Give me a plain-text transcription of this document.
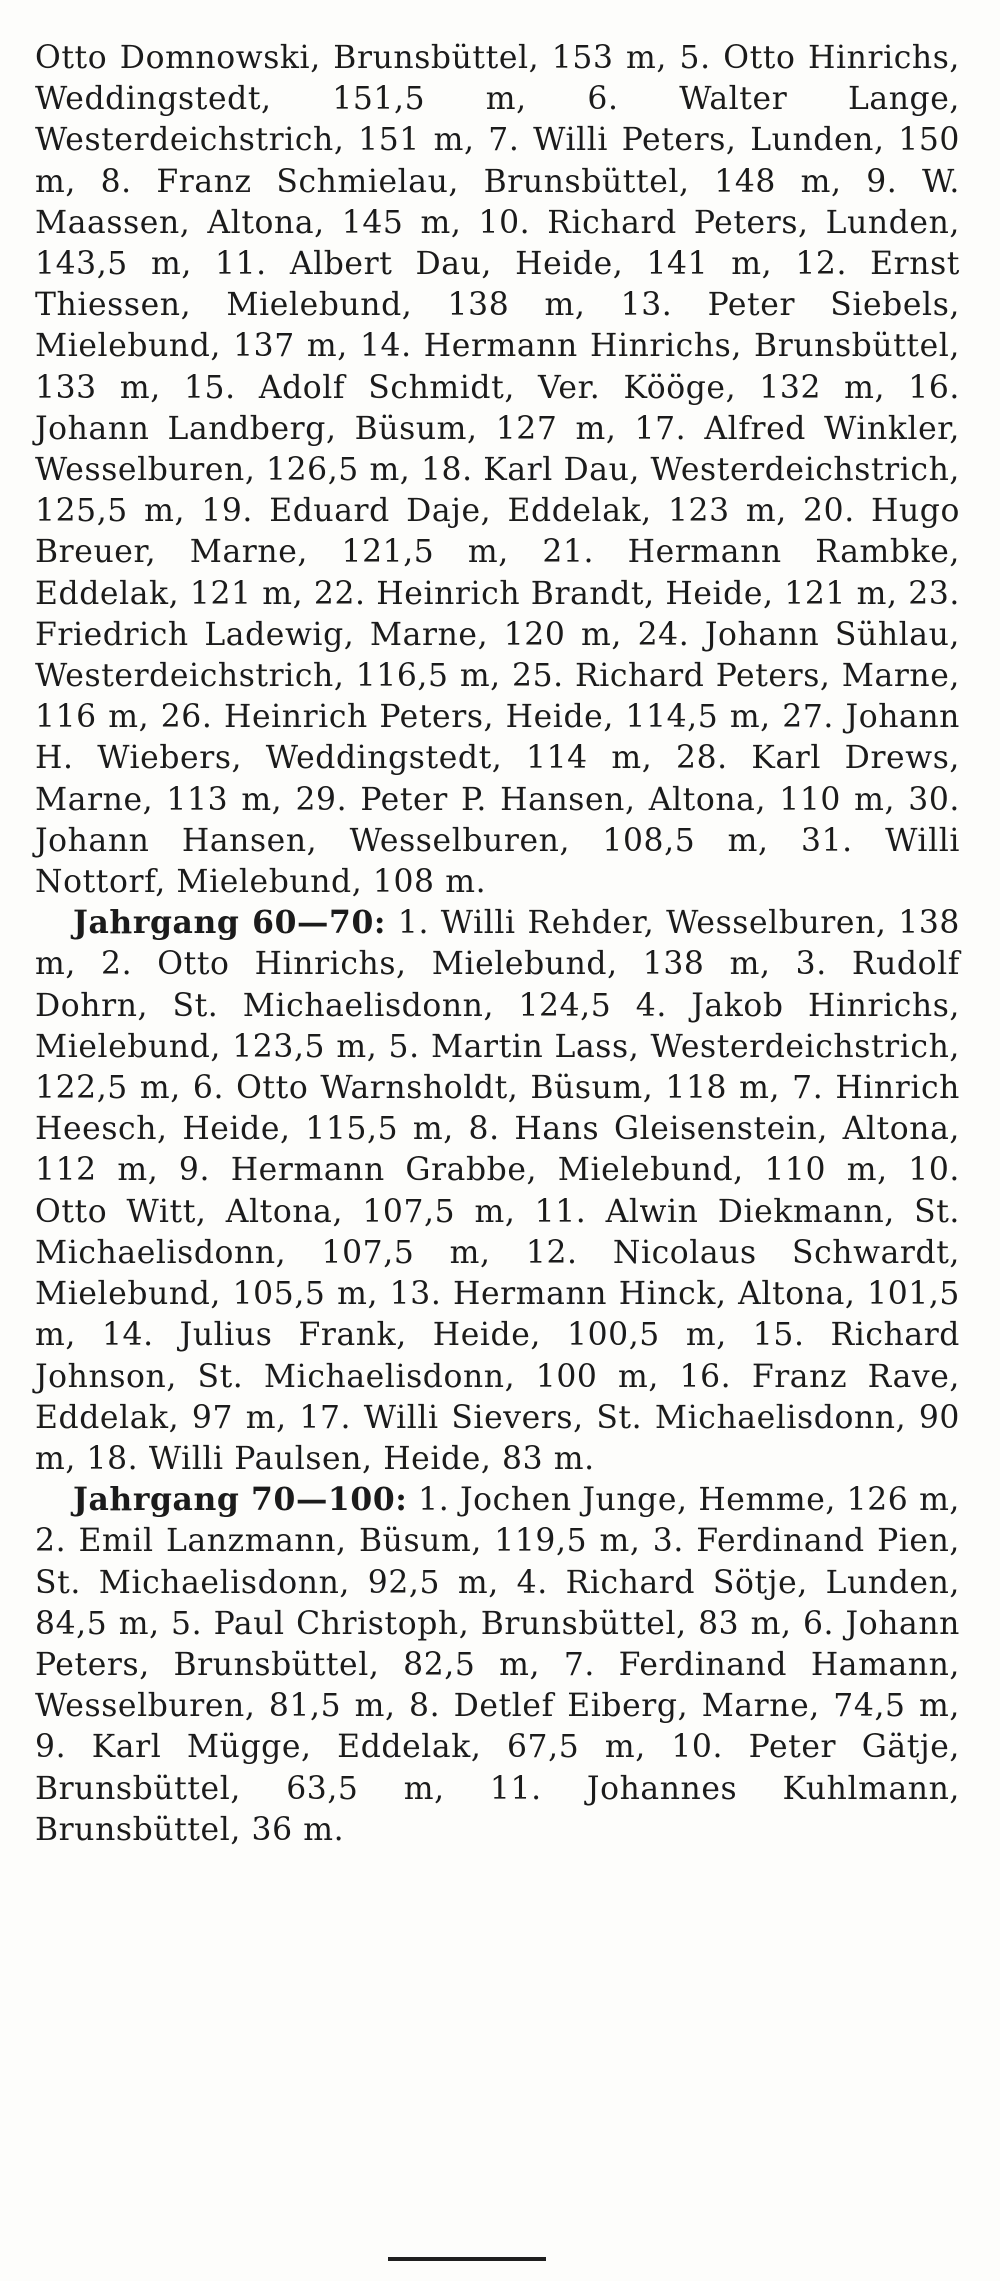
Otto Domnowski, Brunsbüttel, 153 m, 5. Otto Hinrichs, Weddingstedt, 151,5 m, 6. Walter Lange, Westerdeichstrich, 151 m, 7. Willi Peters, Lunden, 150 m, 8. Franz Schmielau, Brunsbüttel, 148 m, 9. W. Maassen, Altona, 145 m, 10. Richard Peters, Lunden, 143,5 m, 11. Albert Dau, Heide, 141 m, 12. Ernst Thiessen, Mielebund, 138 m, 13. Peter Siebels, Mielebund, 137 m, 14. Hermann Hinrichs, Brunsbüttel, 133 m, 15. Adolf Schmidt, Ver. Kööge, 132 m, 16. Johann Landberg, Büsum, 127 m, 17. Alfred Winkler, Wesselburen, 126,5 m, 18. Karl Dau, Westerdeichstrich, 125,5 m, 19. Eduard Daje, Eddelak, 123 m, 20. Hugo Breuer, Marne, 121,5 m, 21. Hermann Rambke, Eddelak, 121 m, 22. Heinrich Brandt, Heide, 121 m, 23. Friedrich Ladewig, Marne, 120 m, 24. Johann Sühlau, Westerdeichstrich, 116,5 m, 25. Richard Peters, Marne, 116 m, 26. Heinrich Peters, Heide, 114,5 m, 27. Johann H. Wiebers, Weddingstedt, 114 m, 28. Karl Drews, Marne, 113 m, 29. Peter P. Hansen, Altona, 110 m, 30. Johann Hansen, Wesselburen, 108,5 m, 31. Willi Nottorf, Mielebund, 108 m.

Jahrgang 60—70: 1. Willi Rehder, Wesselburen, 138 m, 2. Otto Hinrichs, Mielebund, 138 m, 3. Rudolf Dohrn, St. Michaelisdonn, 124,5 4. Jakob Hinrichs, Mielebund, 123,5 m, 5. Martin Lass, Westerdeichstrich, 122,5 m, 6. Otto Warnsholdt, Büsum, 118 m, 7. Hinrich Heesch, Heide, 115,5 m, 8. Hans Gleisenstein, Altona, 112 m, 9. Hermann Grabbe, Mielebund, 110 m, 10. Otto Witt, Altona, 107,5 m, 11. Alwin Diekmann, St. Michaelisdonn, 107,5 m, 12. Nicolaus Schwardt, Mielebund, 105,5 m, 13. Hermann Hinck, Altona, 101,5 m, 14. Julius Frank, Heide, 100,5 m, 15. Richard Johnson, St. Michaelisdonn, 100 m, 16. Franz Rave, Eddelak, 97 m, 17. Willi Sievers, St. Michaelisdonn, 90 m, 18. Willi Paulsen, Heide, 83 m.

Jahrgang 70—100: 1. Jochen Junge, Hemme, 126 m, 2. Emil Lanzmann, Büsum, 119,5 m, 3. Ferdinand Pien, St. Michaelisdonn, 92,5 m, 4. Richard Sötje, Lunden, 84,5 m, 5. Paul Christoph, Brunsbüttel, 83 m, 6. Johann Peters, Brunsbüttel, 82,5 m, 7. Ferdinand Hamann, Wesselburen, 81,5 m, 8. Detlef Eiberg, Marne, 74,5 m, 9. Karl Mügge, Eddelak, 67,5 m, 10. Peter Gätje, Brunsbüttel, 63,5 m, 11. Johannes Kuhlmann, Brunsbüttel, 36 m.
